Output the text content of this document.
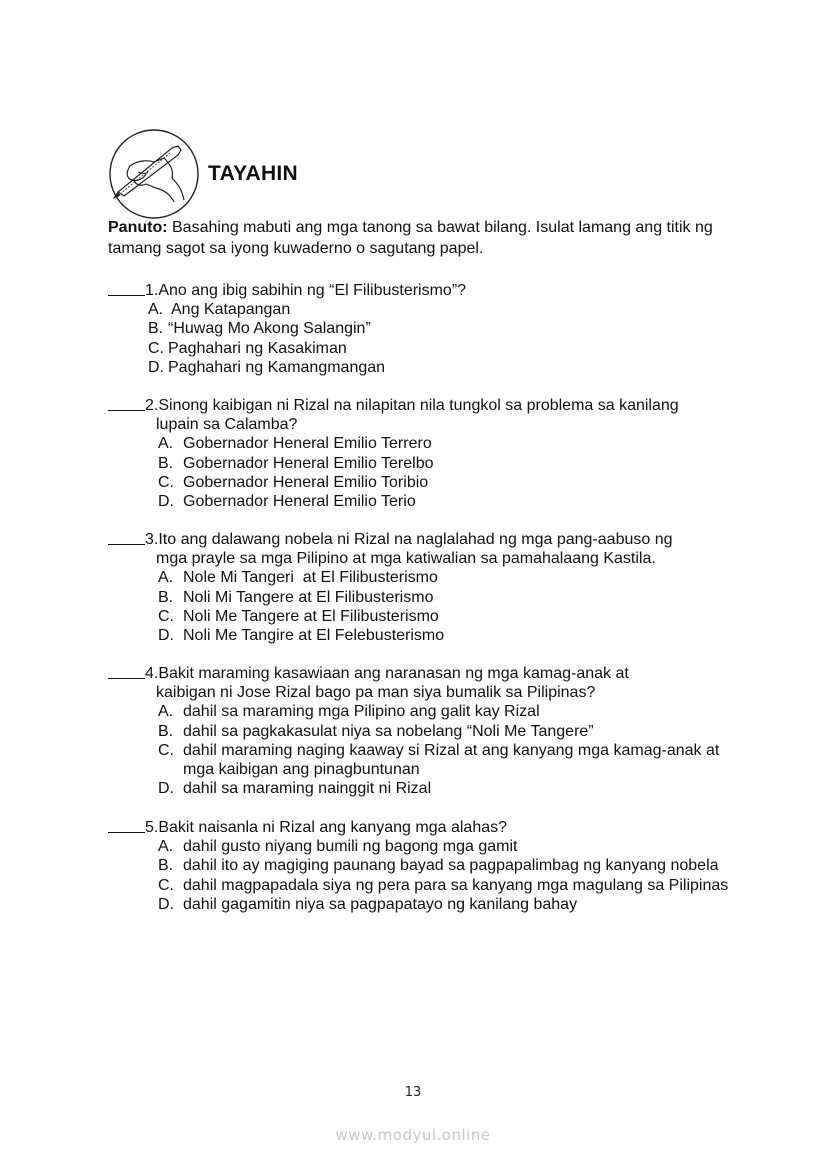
TAYAHIN
Panuto: Basahing mabuti ang mga tanong sa bawat bilang. Isulat lamang ang titik ng tamang sagot sa iyong kuwaderno o sagutang papel.
1. Ano ang ibig sabihin ng “El Filibusterismo”?
A. Ang Katapangan
B. “Huwag Mo Akong Salangin”
C. Paghahari ng Kasakiman
D. Paghahari ng Kamangmangan
2. Sinong kaibigan ni Rizal na nilapitan nila tungkol sa problema sa kanilang
lupain sa Calamba?
A. Gobernador Heneral Emilio Terrero
B. Gobernador Heneral Emilio Terelbo
C. Gobernador Heneral Emilio Toribio
D. Gobernador Heneral Emilio Terio
3. Ito ang dalawang nobela ni Rizal na naglalahad ng mga pang-aabuso ng
mga prayle sa mga Pilipino at mga katiwalian sa pamahalaang Kastila.
A. Nole Mi Tangeri  at El Filibusterismo
B. Noli Mi Tangere at El Filibusterismo
C. Noli Me Tangere at El Filibusterismo
D. Noli Me Tangire at El Felebusterismo
4. Bakit maraming kasawiaan ang naranasan ng mga kamag-anak at
kaibigan ni Jose Rizal bago pa man siya bumalik sa Pilipinas?
A. dahil sa maraming mga Pilipino ang galit kay Rizal
B. dahil sa pagkakasulat niya sa nobelang “Noli Me Tangere”
C. dahil maraming naging kaaway si Rizal at ang kanyang mga kamag-anak at mga kaibigan ang pinagbuntunan
D. dahil sa maraming nainggit ni Rizal
5. Bakit naisanla ni Rizal ang kanyang mga alahas?
A. dahil gusto niyang bumili ng bagong mga gamit
B. dahil ito ay magiging paunang bayad sa pagpapalimbag ng kanyang nobela
C. dahil magpapadala siya ng pera para sa kanyang mga magulang sa Pilipinas
D. dahil gagamitin niya sa pagpapatayo ng kanilang bahay
13
www.modyul.online
